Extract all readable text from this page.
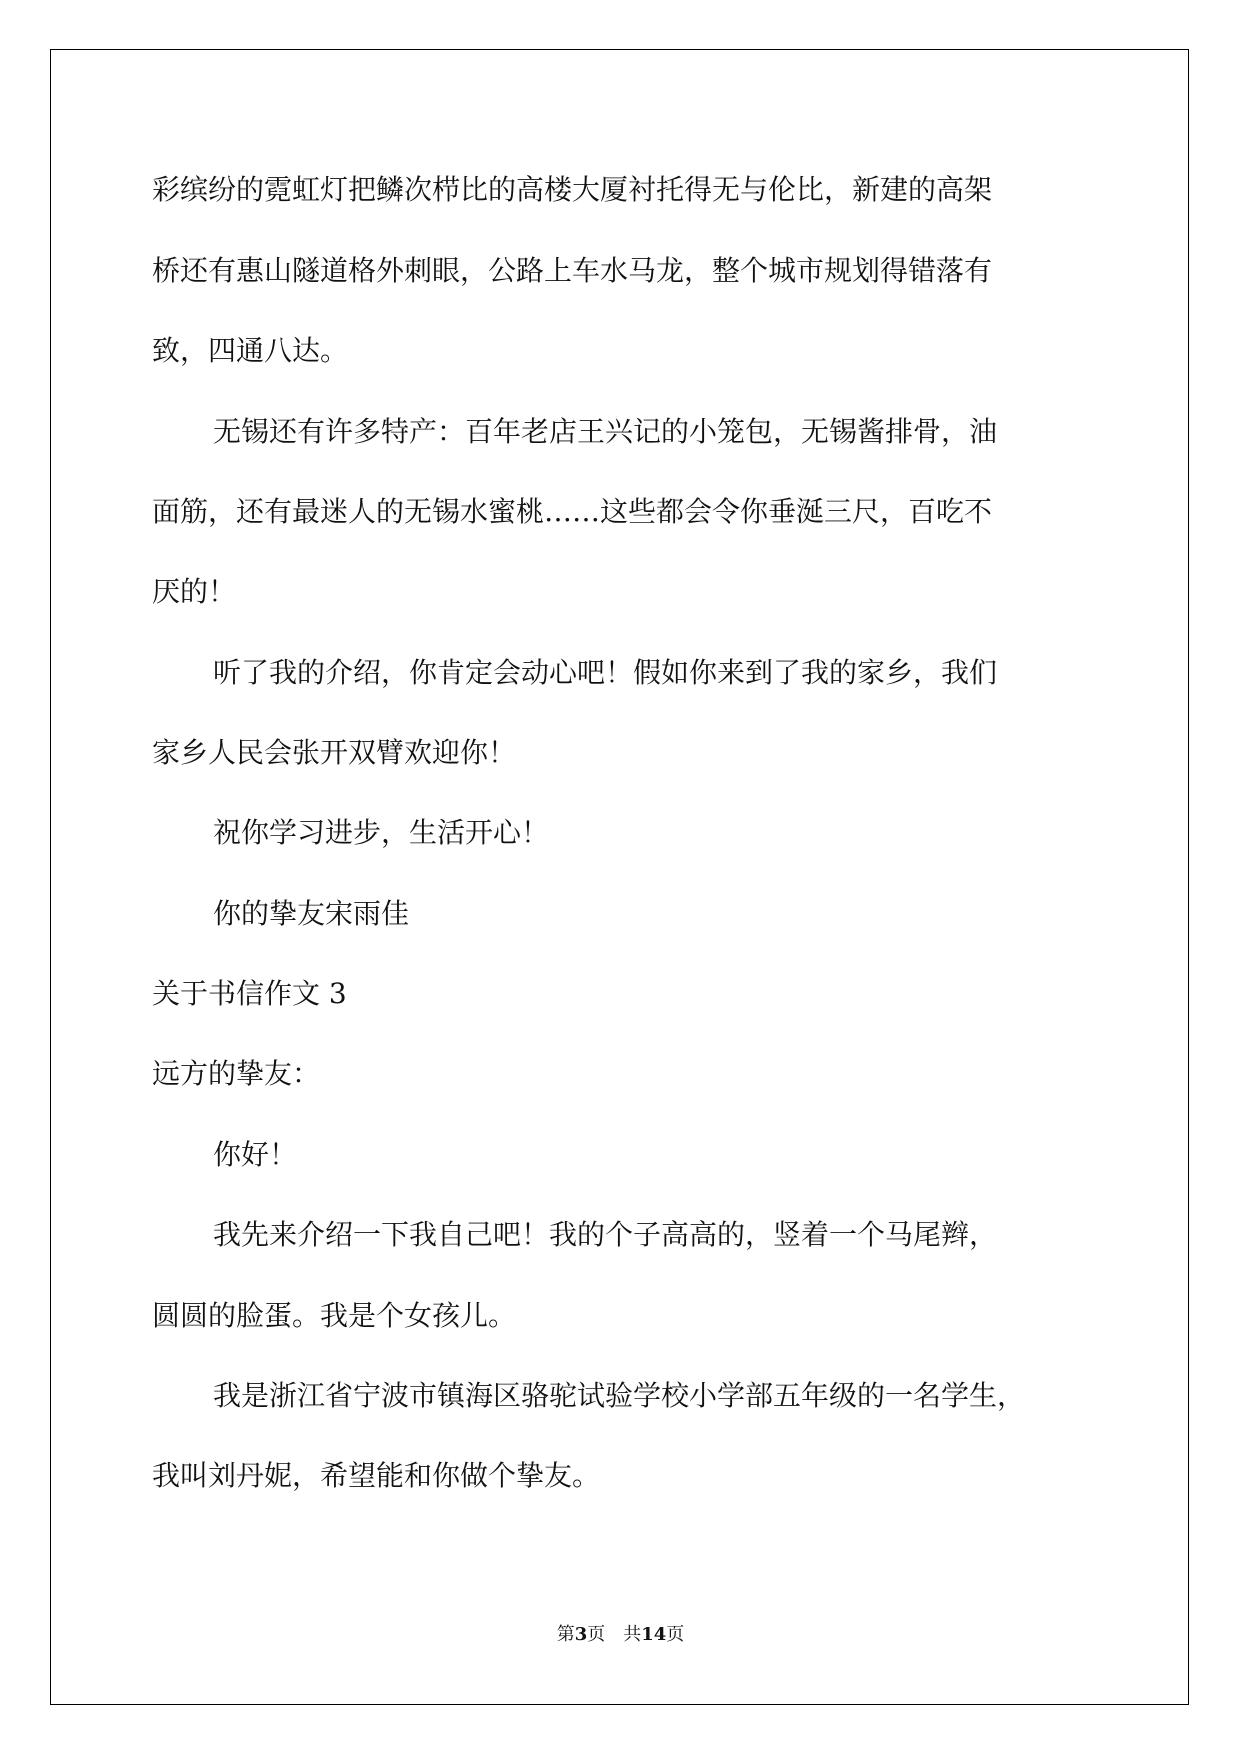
彩缤纷的霓虹灯把鳞次栉比的高楼大厦衬托得无与伦比，新建的高架
桥还有惠山隧道格外刺眼，公路上车水马龙，整个城市规划得错落有
致，四通八达。
无锡还有许多特产：百年老店王兴记的小笼包，无锡酱排骨，油
面筋，还有最迷人的无锡水蜜桃……这些都会令你垂涎三尺，百吃不
厌的！
听了我的介绍，你肯定会动心吧！假如你来到了我的家乡，我们
家乡人民会张开双臂欢迎你！
祝你学习进步，生活开心！
你的挚友宋雨佳
关于书信作文 3
远方的挚友：
你好！
我先来介绍一下我自己吧！我的个子高高的，竖着一个马尾辫，
圆圆的脸蛋。我是个女孩儿。
我是浙江省宁波市镇海区骆驼试验学校小学部五年级的一名学生，
我叫刘丹妮，希望能和你做个挚友。
第3页　共14页
